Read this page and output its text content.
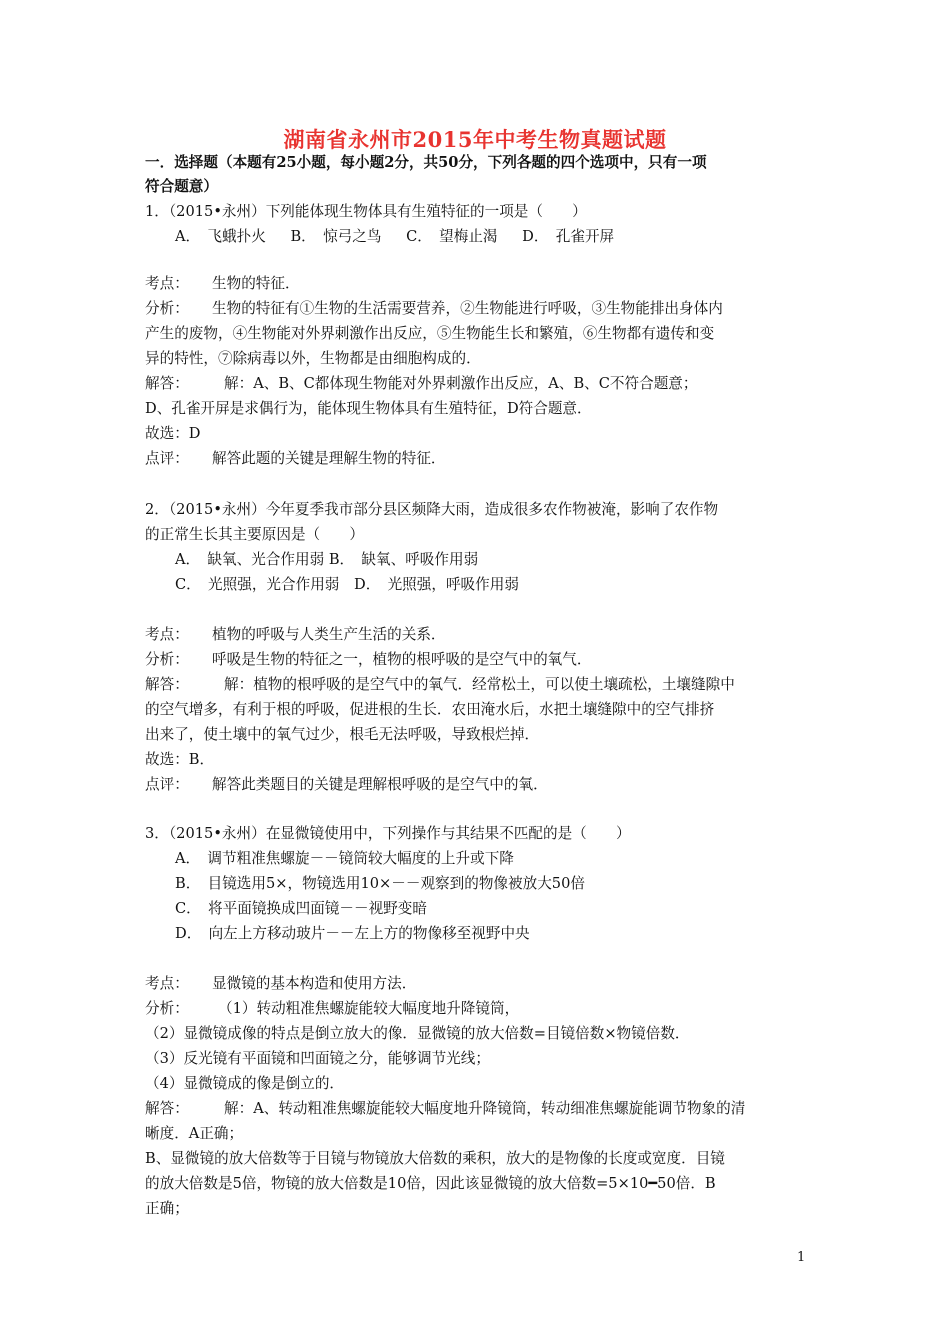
湖南省永州市2015年中考生物真题试题
一．选择题（本题有25小题，每小题2分，共50分，下列各题的四个选项中，只有一项
符合题意）
1．（2015•永州）下列能体现生物体具有生殖特征的一项是（　　）
A．　飞蛾扑火 B．　惊弓之鸟 C．　望梅止渴 D．　孔雀开屏
考点： 生物的特征．
分析： 生物的特征有①生物的生活需要营养，②生物能进行呼吸，③生物能排出身体内
产生的废物，④生物能对外界刺激作出反应，⑤生物能生长和繁殖，⑥生物都有遗传和变
异的特性，⑦除病毒以外，生物都是由细胞构成的．
解答： 解：A、B、C都体现生物能对外界刺激作出反应，A、B、C不符合题意；
D、孔雀开屏是求偶行为，能体现生物体具有生殖特征，D符合题意．
故选：D
点评： 解答此题的关键是理解生物的特征．
2．（2015•永州）今年夏季我市部分县区频降大雨，造成很多农作物被淹，影响了农作物
的正常生长其主要原因是（　　）
A．　缺氧、光合作用弱 B．　缺氧、呼吸作用弱
C．　光照强，光合作用弱　D．　光照强，呼吸作用弱
考点： 植物的呼吸与人类生产生活的关系．
分析： 呼吸是生物的特征之一，植物的根呼吸的是空气中的氧气．
解答： 解：植物的根呼吸的是空气中的氧气．经常松土，可以使土壤疏松，土壤缝隙中
的空气增多，有利于根的呼吸，促进根的生长．农田淹水后，水把土壤缝隙中的空气排挤
出来了，使土壤中的氧气过少，根毛无法呼吸，导致根烂掉．
故选：B．
点评： 解答此类题目的关键是理解根呼吸的是空气中的氧．
3．（2015•永州）在显微镜使用中，下列操作与其结果不匹配的是（　　）
A．　调节粗准焦螺旋－－镜筒较大幅度的上升或下降
B．　目镜选用5×，物镜选用10×－－观察到的物像被放大50倍
C．　将平面镜换成凹面镜－－视野变暗
D．　向左上方移动玻片－－左上方的物像移至视野中央
考点： 显微镜的基本构造和使用方法．
分析： （1）转动粗准焦螺旋能较大幅度地升降镜筒，
（2）显微镜成像的特点是倒立放大的像．显微镜的放大倍数=目镜倍数×物镜倍数．
（3）反光镜有平面镜和凹面镜之分，能够调节光线；
（4）显微镜成的像是倒立的．
解答： 解：A、转动粗准焦螺旋能较大幅度地升降镜筒，转动细准焦螺旋能调节物象的清
晰度．A正确；
B、显微镜的放大倍数等于目镜与物镜放大倍数的乘积，放大的是物像的长度或宽度．目镜
的放大倍数是5倍，物镜的放大倍数是10倍，因此该显微镜的放大倍数=5×10━50倍．B
正确；
1
